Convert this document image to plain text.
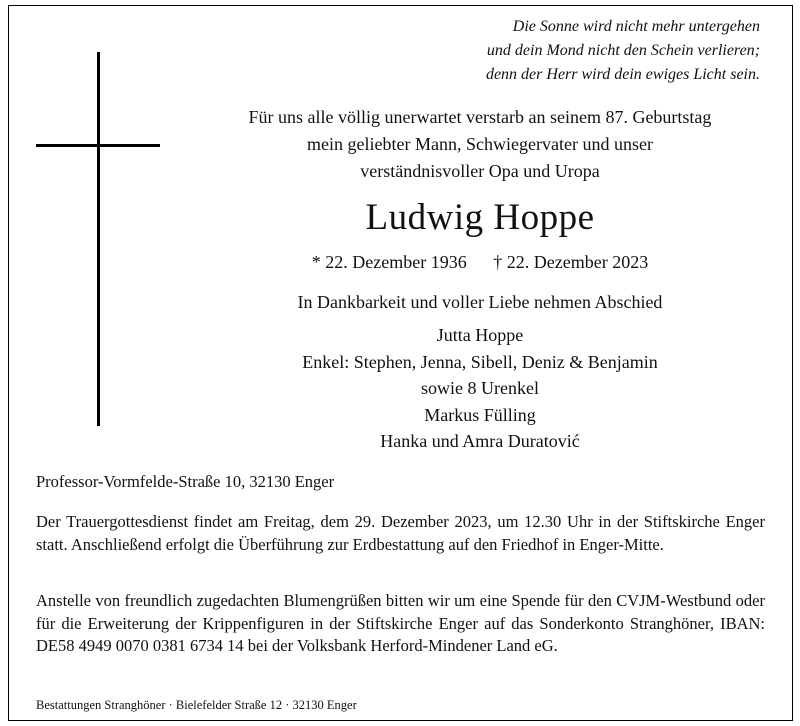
Die Sonne wird nicht mehr untergehen
und dein Mond nicht den Schein verlieren;
denn der Herr wird dein ewiges Licht sein.
Für uns alle völlig unerwartet verstarb an seinem 87. Geburtstag
mein geliebter Mann, Schwiegervater und unser
verständnisvoller Opa und Uropa
Ludwig Hoppe
* 22. Dezember 1936 † 22. Dezember 2023
In Dankbarkeit und voller Liebe nehmen Abschied
Jutta Hoppe
Enkel: Stephen, Jenna, Sibell, Deniz & Benjamin
sowie 8 Urenkel
Markus Fülling
Hanka und Amra Duratović
Professor-Vormfelde-Straße 10, 32130 Enger
Der Trauergottesdienst findet am Freitag, dem 29. Dezember 2023, um 12.30 Uhr in der Stiftskirche Enger statt. Anschließend erfolgt die Überführung zur Erdbestattung auf den Friedhof in Enger-Mitte.
Anstelle von freundlich zugedachten Blumengrüßen bitten wir um eine Spende für den CVJM-Westbund oder für die Erweiterung der Krippenfiguren in der Stiftskirche Enger auf das Sonderkonto Stranghöner, IBAN: DE58 4949 0070 0381 6734 14 bei der Volksbank Herford-Mindener Land eG.
Bestattungen Stranghöner · Bielefelder Straße 12 · 32130 Enger
